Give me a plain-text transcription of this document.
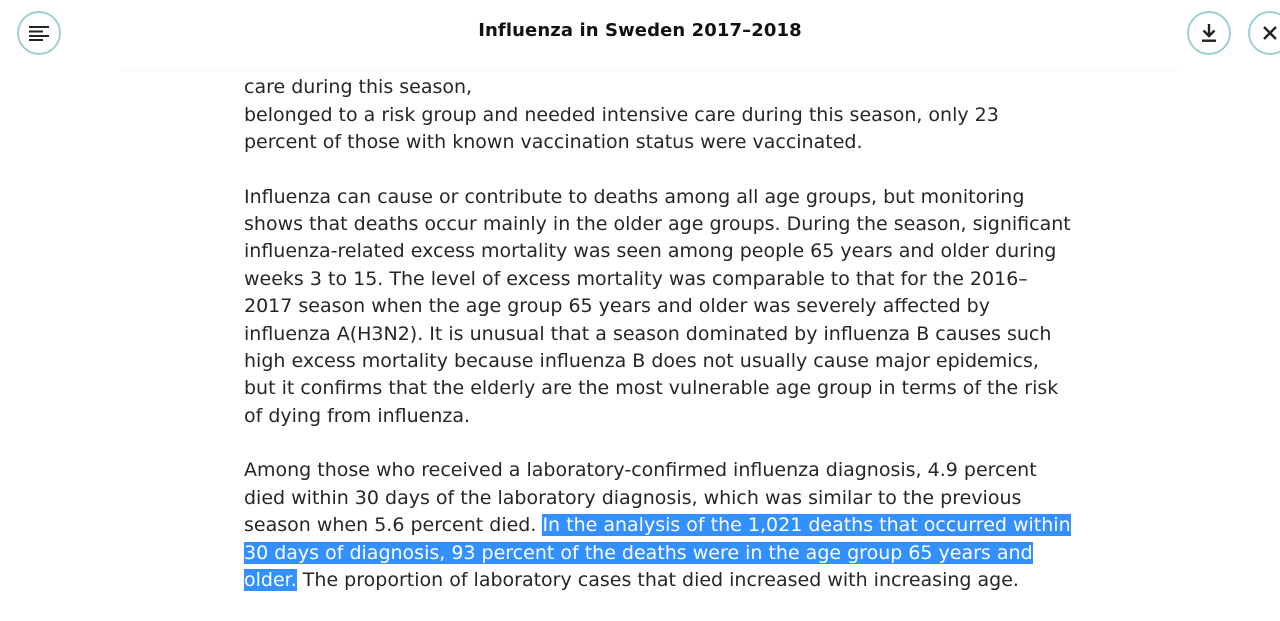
Influenza in Sweden 2017–2018

care during this season,
belonged to a risk group and needed intensive care during this season, only 23 percent of those with known vaccination status were vaccinated.

Influenza can cause or contribute to deaths among all age groups, but monitoring shows that deaths occur mainly in the older age groups. During the season, significant influenza-related excess mortality was seen among people 65 years and older during weeks 3 to 15. The level of excess mortality was comparable to that for the 2016–2017 season when the age group 65 years and older was severely affected by influenza A(H3N2). It is unusual that a season dominated by influenza B causes such high excess mortality because influenza B does not usually cause major epidemics, but it confirms that the elderly are the most vulnerable age group in terms of the risk of dying from influenza.

Among those who received a laboratory-confirmed influenza diagnosis, 4.9 percent died within 30 days of the laboratory diagnosis, which was similar to the previous season when 5.6 percent died. In the analysis of the 1,021 deaths that occurred within 30 days of diagnosis, 93 percent of the deaths were in the age group 65 years and older. The proportion of laboratory cases that died increased with increasing age.
